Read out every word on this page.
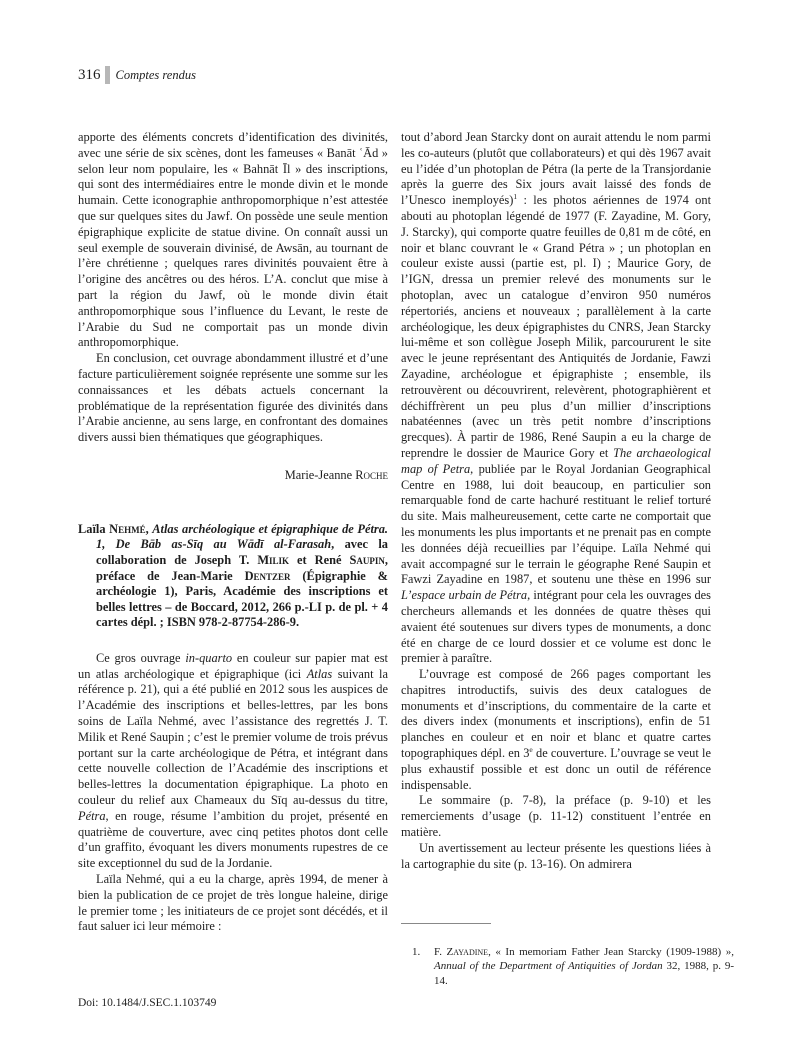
316 Comptes rendus

apporte des éléments concrets d’identification des divinités, avec une série de six scènes, dont les fameuses « Banāt ʿĀd » selon leur nom populaire, les « Bahnāt Īl » des inscriptions, qui sont des intermédiaires entre le monde divin et le monde humain. Cette iconographie anthropomorphique n’est attestée que sur quelques sites du Jawf. On possède une seule mention épigraphique explicite de statue divine. On connaît aussi un seul exemple de souverain divinisé, de Awsān, au tournant de l’ère chrétienne ; quelques rares divinités pouvaient être à l’origine des ancêtres ou des héros. L’A. conclut que mise à part la région du Jawf, où le monde divin était anthropomorphique sous l’influence du Levant, le reste de l’Arabie du Sud ne comportait pas un monde divin anthropomorphique.

En conclusion, cet ouvrage abondamment illustré et d’une facture particulièrement soignée représente une somme sur les connaissances et les débats actuels concernant la problématique de la représentation figurée des divinités dans l’Arabie ancienne, au sens large, en confrontant des domaines divers aussi bien thématiques que géographiques.

Marie-Jeanne Roche

Laïla Nehmé, Atlas archéologique et épigraphique de Pétra. 1, De Bāb as-Sīq au Wādī al-Farasah, avec la collaboration de Joseph T. Milik et René Saupin, préface de Jean-Marie Dentzer (Épigraphie & archéologie 1), Paris, Académie des inscriptions et belles lettres – de Boccard, 2012, 266 p.-LI p. de pl. + 4 cartes dépl. ; ISBN 978-2-87754-286-9.

Ce gros ouvrage in-quarto en couleur sur papier mat est un atlas archéologique et épigraphique (ici Atlas suivant la référence p. 21), qui a été publié en 2012 sous les auspices de l’Académie des inscriptions et belles-lettres, par les bons soins de Laïla Nehmé, avec l’assistance des regrettés J. T. Milik et René Saupin ; c’est le premier volume de trois prévus portant sur la carte archéologique de Pétra, et intégrant dans cette nouvelle collection de l’Académie des inscriptions et belles-lettres la documentation épigraphique. La photo en couleur du relief aux Chameaux du Sīq au-dessus du titre, Pétra, en rouge, résume l’ambition du projet, présenté en quatrième de couverture, avec cinq petites photos dont celle d’un graffito, évoquant les divers monuments rupestres de ce site exceptionnel du sud de la Jordanie.

Laïla Nehmé, qui a eu la charge, après 1994, de mener à bien la publication de ce projet de très longue haleine, dirige le premier tome ; les initiateurs de ce projet sont décédés, et il faut saluer ici leur mémoire :

tout d’abord Jean Starcky dont on aurait attendu le nom parmi les co-auteurs (plutôt que collaborateurs) et qui dès 1967 avait eu l’idée d’un photoplan de Pétra (la perte de la Transjordanie après la guerre des Six jours avait laissé des fonds de l’Unesco inemployés)$^1$ : les photos aériennes de 1974 ont abouti au photoplan légendé de 1977 (F. Zayadine, M. Gory, J. Starcky), qui comporte quatre feuilles de 0,81 m de côté, en noir et blanc couvrant le « Grand Pétra » ; un photoplan en couleur existe aussi (partie est, pl. I) ; Maurice Gory, de l’IGN, dressa un premier relevé des monuments sur le photoplan, avec un catalogue d’environ 950 numéros répertoriés, anciens et nouveaux ; parallèlement à la carte archéologique, les deux épigraphistes du CNRS, Jean Starcky lui-même et son collègue Joseph Milik, parcoururent le site avec le jeune représentant des Antiquités de Jordanie, Fawzi Zayadine, archéologue et épigraphiste ; ensemble, ils retrouvèrent ou découvrirent, relevèrent, photographièrent et déchiffrèrent un peu plus d’un millier d’inscriptions nabatéennes (avec un très petit nombre d’inscriptions grecques). À partir de 1986, René Saupin a eu la charge de reprendre le dossier de Maurice Gory et The archaeological map of Petra, publiée par le Royal Jordanian Geographical Centre en 1988, lui doit beaucoup, en particulier son remarquable fond de carte hachuré restituant le relief torturé du site. Mais malheureusement, cette carte ne comportait que les monuments les plus importants et ne prenait pas en compte les données déjà recueillies par l’équipe. Laïla Nehmé qui avait accompagné sur le terrain le géographe René Saupin et Fawzi Zayadine en 1987, et soutenu une thèse en 1996 sur L’espace urbain de Pétra, intégrant pour cela les ouvrages des chercheurs allemands et les données de quatre thèses qui avaient été soutenues sur divers types de monuments, a donc été en charge de ce lourd dossier et ce volume est donc le premier à paraître.

L’ouvrage est composé de 266 pages comportant les chapitres introductifs, suivis des deux catalogues de monuments et d’inscriptions, du commentaire de la carte et des divers index (monuments et inscriptions), enfin de 51 planches en couleur et en noir et blanc et quatre cartes topographiques dépl. en 3e de couverture. L’ouvrage se veut le plus exhaustif possible et est donc un outil de référence indispensable.

Le sommaire (p. 7-8), la préface (p. 9-10) et les remerciements d’usage (p. 11-12) constituent l’entrée en matière.

Un avertissement au lecteur présente les questions liées à la cartographie du site (p. 13-16). On admirera

1. F. Zayadine, « In memoriam Father Jean Starcky (1909-1988) », Annual of the Department of Antiquities of Jordan 32, 1988, p. 9-14.

Doi: 10.1484/J.SEC.1.103749
